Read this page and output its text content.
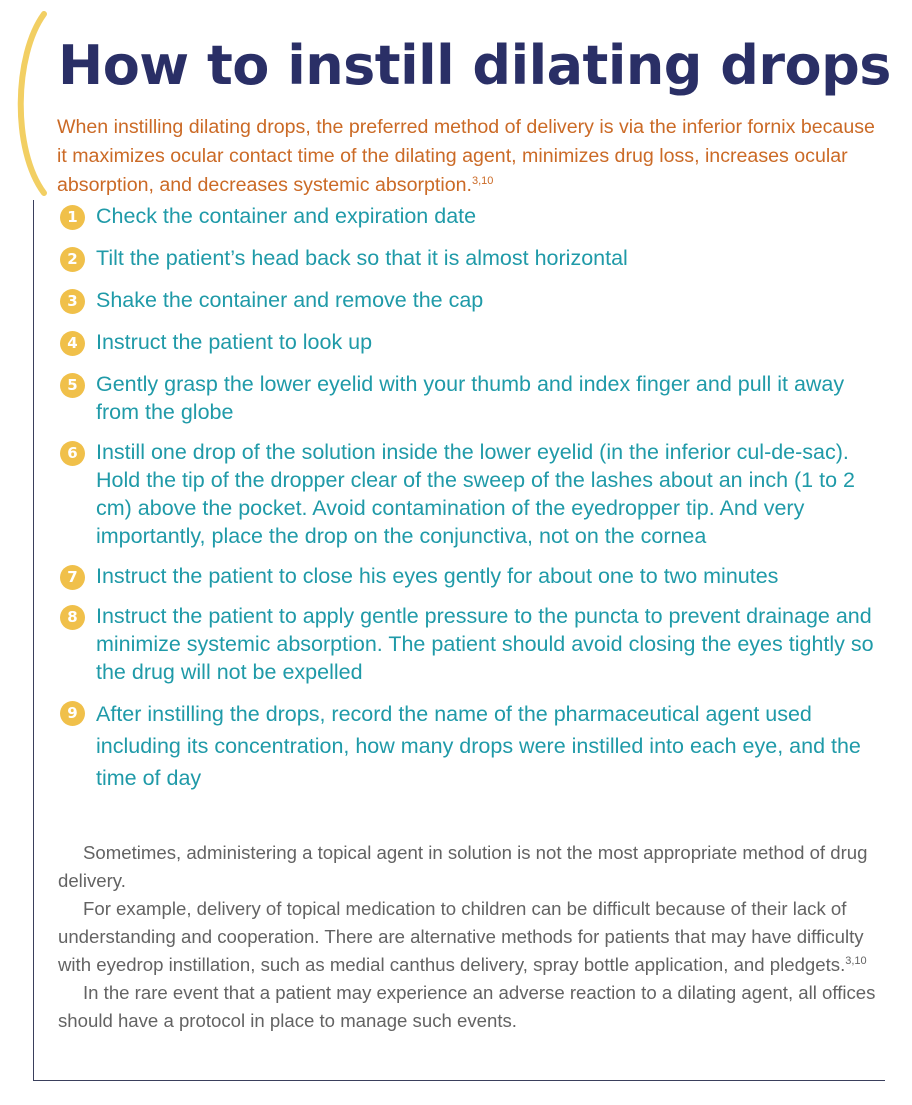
How to instill dilating drops

When instilling dilating drops, the preferred method of delivery is via the inferior fornix because it maximizes ocular contact time of the dilating agent, minimizes drug loss, increases ocular absorption, and decreases systemic absorption.$^{3,10}$

1 Check the container and expiration date
2 Tilt the patient’s head back so that it is almost horizontal
3 Shake the container and remove the cap
4 Instruct the patient to look up
5 Gently grasp the lower eyelid with your thumb and index finger and pull it away from the globe
6 Instill one drop of the solution inside the lower eyelid (in the inferior cul-de-sac). Hold the tip of the dropper clear of the sweep of the lashes about an inch (1 to 2 cm) above the pocket. Avoid contamination of the eyedropper tip. And very importantly, place the drop on the conjunctiva, not on the cornea
7 Instruct the patient to close his eyes gently for about one to two minutes
8 Instruct the patient to apply gentle pressure to the puncta to prevent drainage and minimize systemic absorption. The patient should avoid closing the eyes tightly so the drug will not be expelled
9 After instilling the drops, record the name of the pharmaceutical agent used including its concentration, how many drops were instilled into each eye, and the time of day

Sometimes, administering a topical agent in solution is not the most appropriate method of drug delivery.

For example, delivery of topical medication to children can be difficult because of their lack of understanding and cooperation. There are alternative methods for patients that may have difficulty with eyedrop instillation, such as medial canthus delivery, spray bottle application, and pledgets.$^{3,10}$

In the rare event that a patient may experience an adverse reaction to a dilating agent, all offices should have a protocol in place to manage such events.
